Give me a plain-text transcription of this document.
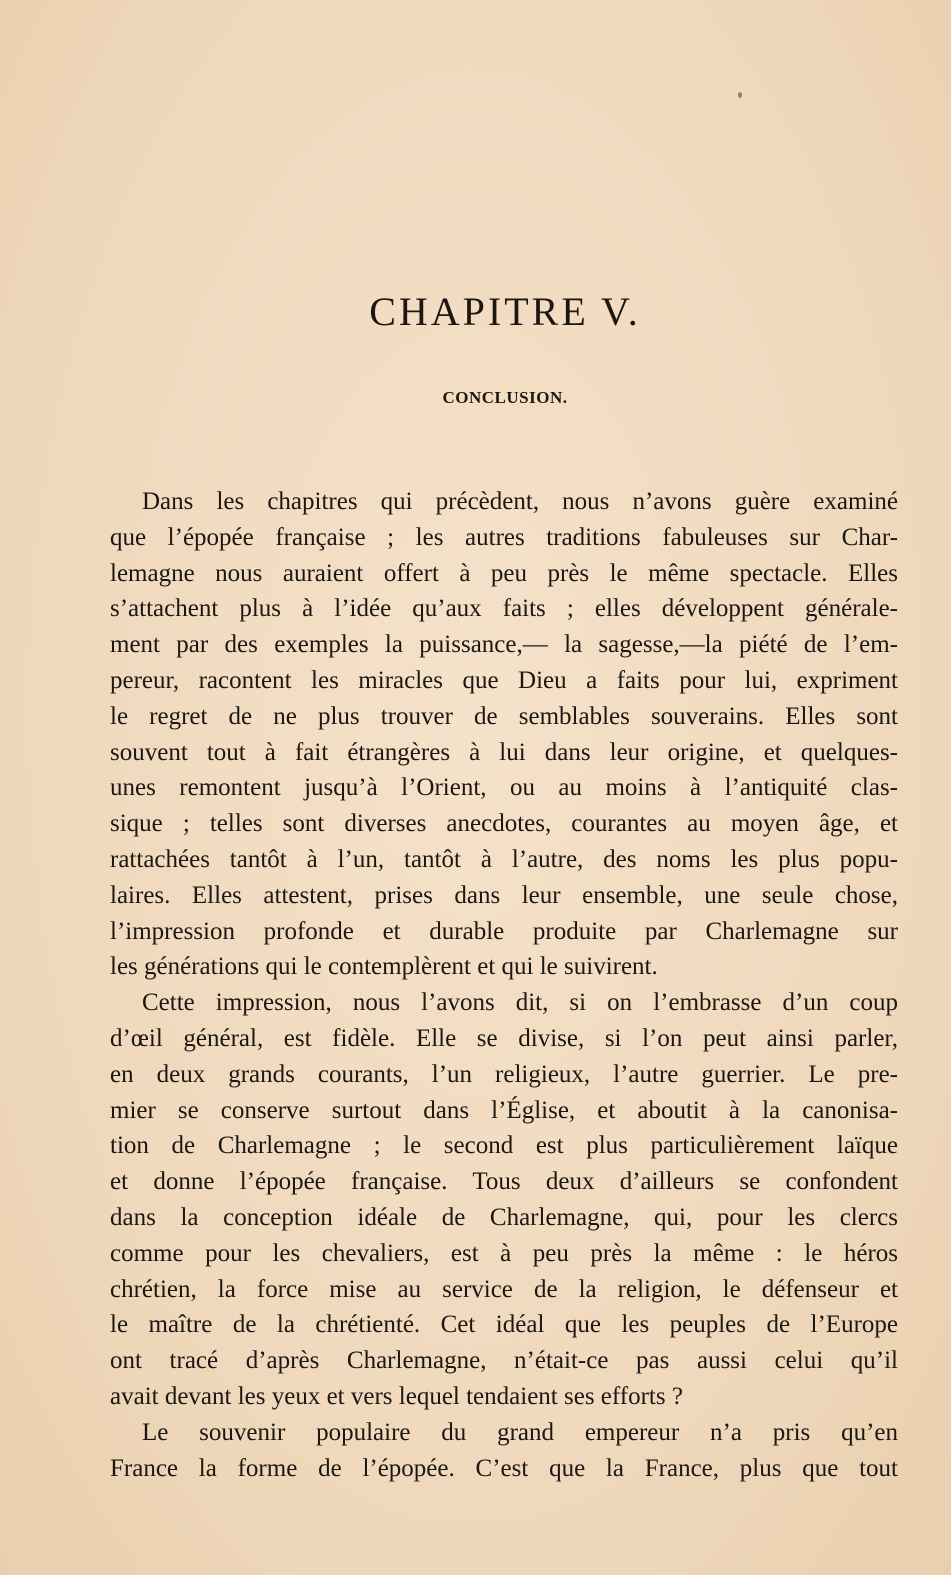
CHAPITRE V.
CONCLUSION.
Dans les chapitres qui précèdent, nous n’avons guère examiné
que l’épopée française ; les autres traditions fabuleuses sur Char-
lemagne nous auraient offert à peu près le même spectacle. Elles
s’attachent plus à l’idée qu’aux faits ; elles développent générale-
ment par des exemples la puissance,— la sagesse,—la piété de l’em-
pereur, racontent les miracles que Dieu a faits pour lui, expriment
le regret de ne plus trouver de semblables souverains. Elles sont
souvent tout à fait étrangères à lui dans leur origine, et quelques-
unes remontent jusqu’à l’Orient, ou au moins à l’antiquité clas-
sique ; telles sont diverses anecdotes, courantes au moyen âge, et
rattachées tantôt à l’un, tantôt à l’autre, des noms les plus popu-
laires. Elles attestent, prises dans leur ensemble, une seule chose,
l’impression profonde et durable produite par Charlemagne sur
les générations qui le contemplèrent et qui le suivirent.
Cette impression, nous l’avons dit, si on l’embrasse d’un coup
d’œil général, est fidèle. Elle se divise, si l’on peut ainsi parler,
en deux grands courants, l’un religieux, l’autre guerrier. Le pre-
mier se conserve surtout dans l’Église, et aboutit à la canonisa-
tion de Charlemagne ; le second est plus particulièrement laïque
et donne l’épopée française. Tous deux d’ailleurs se confondent
dans la conception idéale de Charlemagne, qui, pour les clercs
comme pour les chevaliers, est à peu près la même : le héros
chrétien, la force mise au service de la religion, le défenseur et
le maître de la chrétienté. Cet idéal que les peuples de l’Europe
ont tracé d’après Charlemagne, n’était-ce pas aussi celui qu’il
avait devant les yeux et vers lequel tendaient ses efforts ?
Le souvenir populaire du grand empereur n’a pris qu’en
France la forme de l’épopée. C’est que la France, plus que tout
